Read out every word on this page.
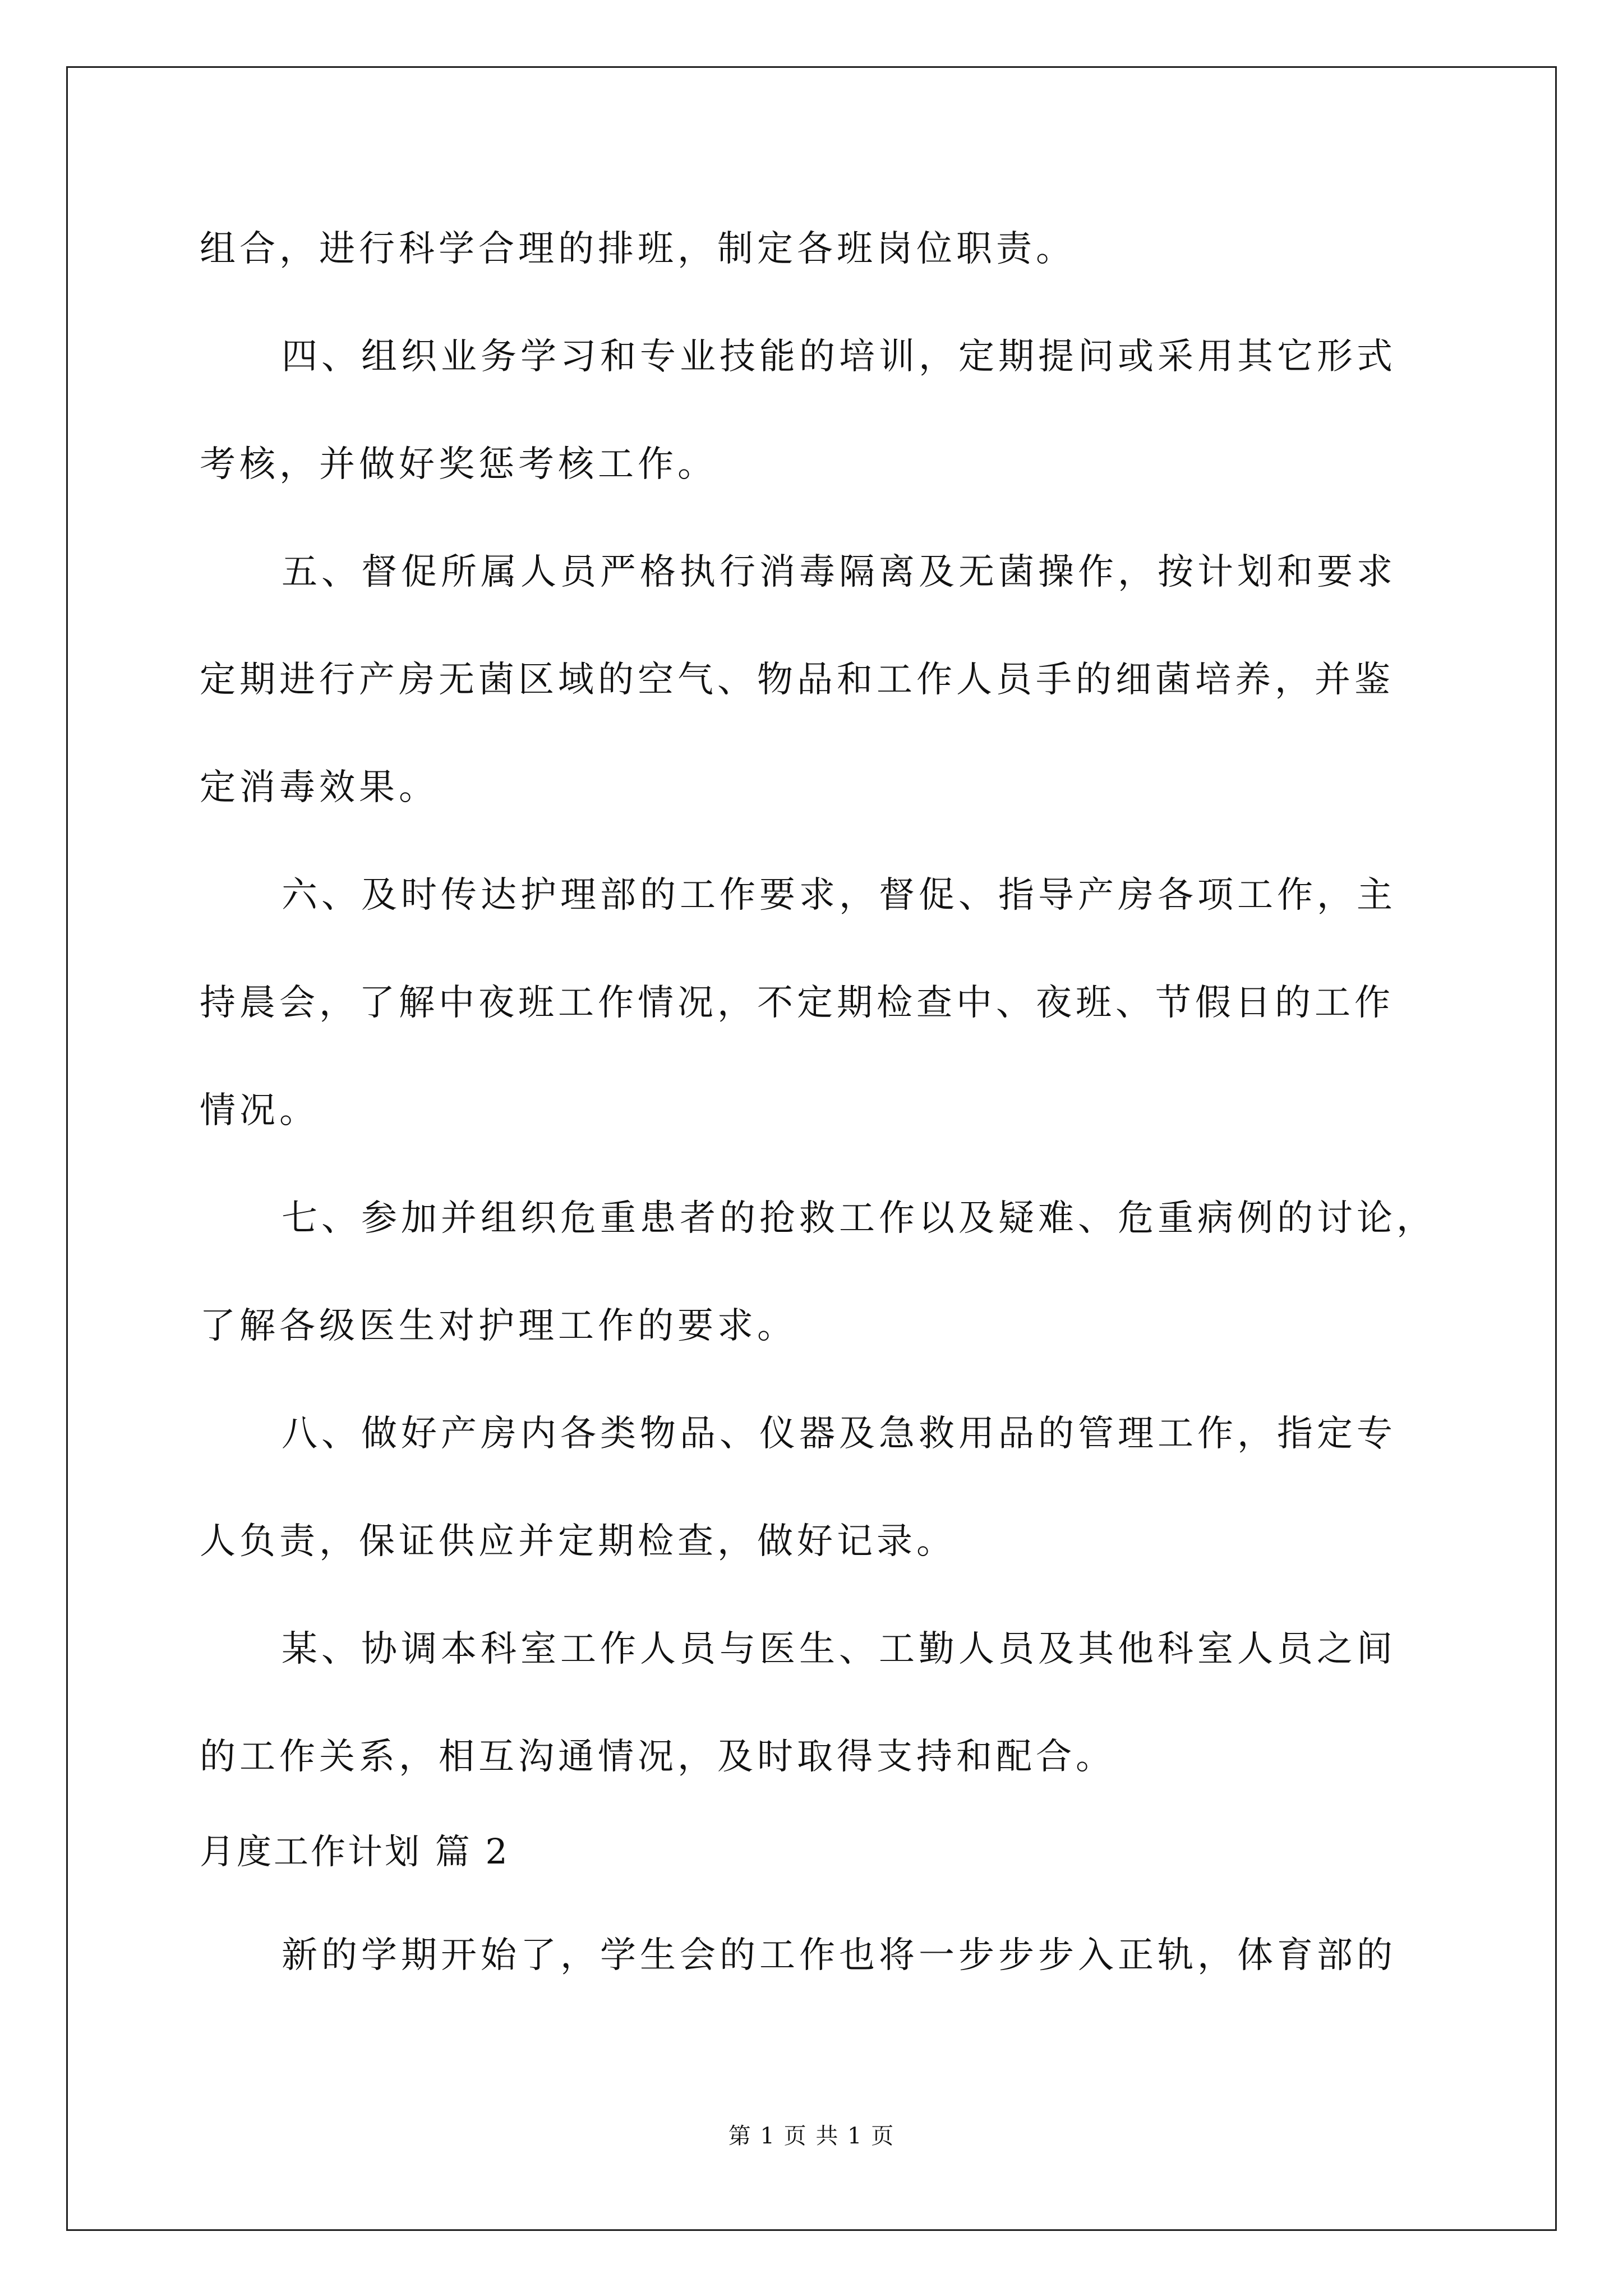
组合，进行科学合理的排班，制定各班岗位职责。
四、组织业务学习和专业技能的培训，定期提问或采用其它形式
考核，并做好奖惩考核工作。
五、督促所属人员严格执行消毒隔离及无菌操作，按计划和要求
定期进行产房无菌区域的空气、物品和工作人员手的细菌培养，并鉴
定消毒效果。
六、及时传达护理部的工作要求，督促、指导产房各项工作，主
持晨会，了解中夜班工作情况，不定期检查中、夜班、节假日的工作
情况。
七、参加并组织危重患者的抢救工作以及疑难、危重病例的讨论，
了解各级医生对护理工作的要求。
八、做好产房内各类物品、仪器及急救用品的管理工作，指定专
人负责，保证供应并定期检查，做好记录。
某、协调本科室工作人员与医生、工勤人员及其他科室人员之间
的工作关系，相互沟通情况，及时取得支持和配合。
月度工作计划 篇 2
新的学期开始了，学生会的工作也将一步步步入正轨，体育部的
第 1 页 共 1 页
